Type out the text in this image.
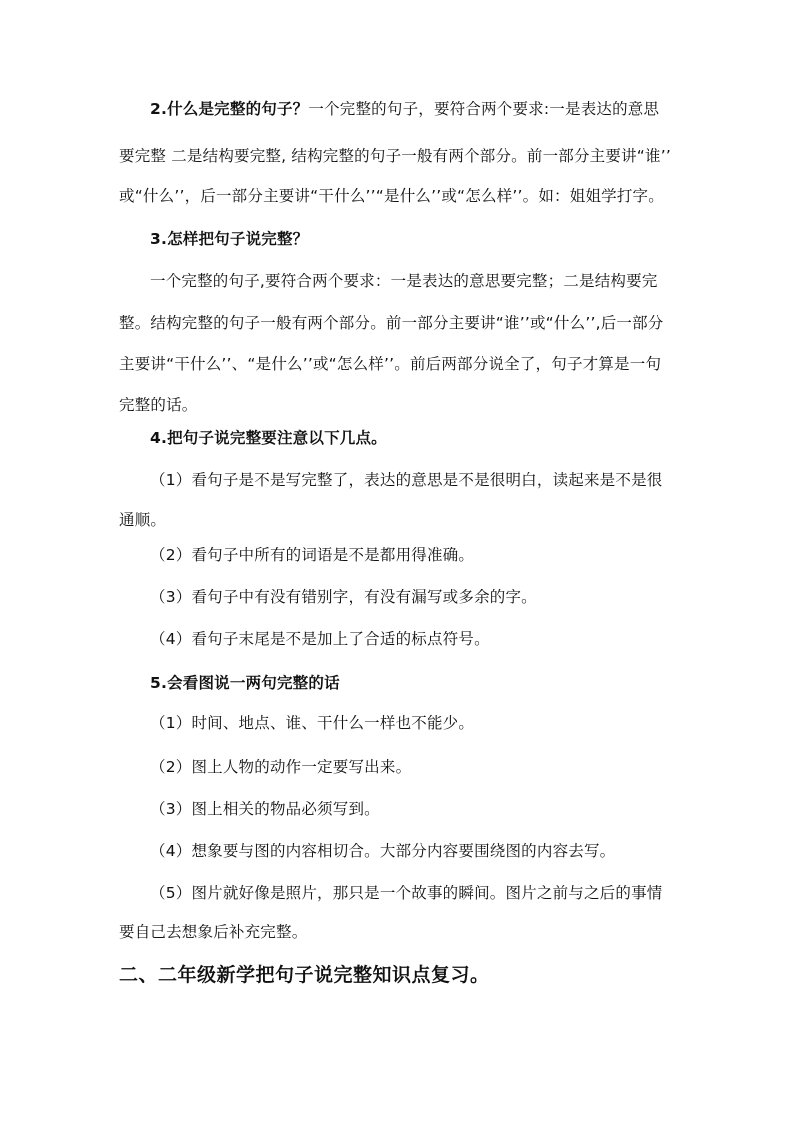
2.什么是完整的句子？一个完整的句子，要符合两个要求:一是表达的意思
要完整 二是结构要完整, 结构完整的句子一般有两个部分。前一部分主要讲“谁’’
或“什么’’，后一部分主要讲“干什么’’“是什么’’或“怎么样’’。如：姐姐学打字。
3.怎样把句子说完整？
一个完整的句子,要符合两个要求：一是表达的意思要完整；二是结构要完
整。结构完整的句子一般有两个部分。前一部分主要讲“谁’’或“什么’’,后一部分
主要讲“干什么’’、“是什么’’或“怎么样’’。前后两部分说全了，句子才算是一句
完整的话。
4.把句子说完整要注意以下几点。
（1）看句子是不是写完整了，表达的意思是不是很明白，读起来是不是很
通顺。
（2）看句子中所有的词语是不是都用得准确。
（3）看句子中有没有错别字，有没有漏写或多余的字。
（4）看句子末尾是不是加上了合适的标点符号。
5.会看图说一两句完整的话
（1）时间、地点、谁、干什么一样也不能少。
（2）图上人物的动作一定要写出来。
（3）图上相关的物品必须写到。
（4）想象要与图的内容相切合。大部分内容要围绕图的内容去写。
（5）图片就好像是照片，那只是一个故事的瞬间。图片之前与之后的事情
要自己去想象后补充完整。
二、二年级新学把句子说完整知识点复习。
